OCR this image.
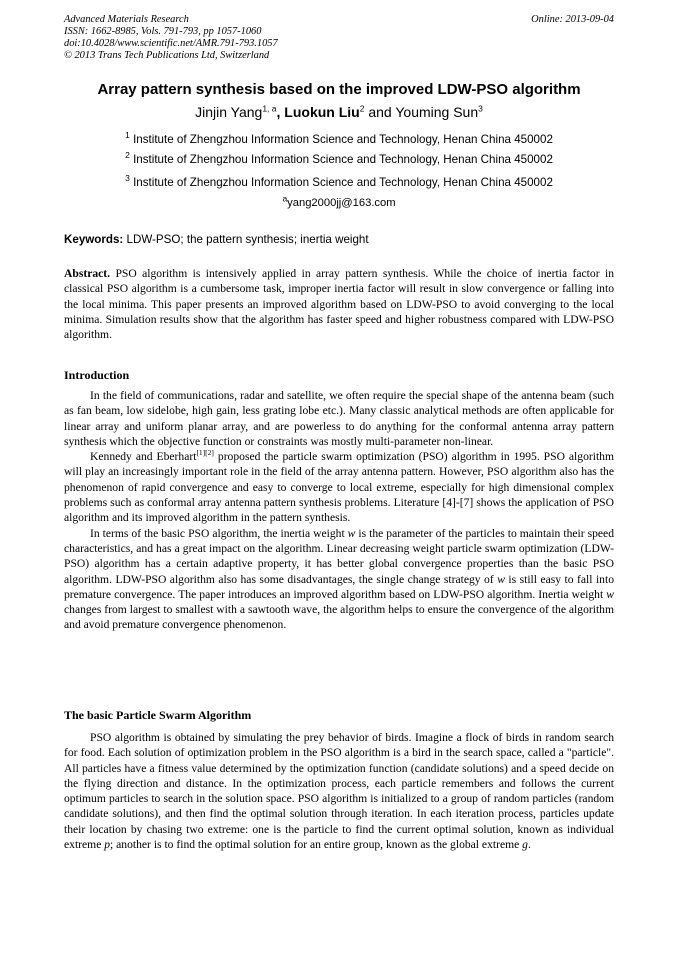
Advanced Materials Research
ISSN: 1662-8985, Vols. 791-793, pp 1057-1060
doi:10.4028/www.scientific.net/AMR.791-793.1057
© 2013 Trans Tech Publications Ltd, Switzerland
Online: 2013-09-04
Array pattern synthesis based on the improved LDW-PSO algorithm
Jinjin Yang$^{1, a}$, Luokun Liu$^2$ and Youming Sun$^3$
$^1$ Institute of Zhengzhou Information Science and Technology, Henan China 450002
$^2$ Institute of Zhengzhou Information Science and Technology, Henan China 450002
$^3$ Institute of Zhengzhou Information Science and Technology, Henan China 450002
$^a$yang2000jj@163.com
Keywords: LDW-PSO; the pattern synthesis; inertia weight

Abstract. PSO algorithm is intensively applied in array pattern synthesis. While the choice of inertia factor in classical PSO algorithm is a cumbersome task, improper inertia factor will result in slow convergence or falling into the local minima. This paper presents an improved algorithm based on LDW-PSO to avoid converging to the local minima. Simulation results show that the algorithm has faster speed and higher robustness compared with LDW-PSO algorithm.

Introduction

In the field of communications, radar and satellite, we often require the special shape of the antenna beam (such as fan beam, low sidelobe, high gain, less grating lobe etc.). Many classic analytical methods are often applicable for linear array and uniform planar array, and are powerless to do anything for the conformal antenna array pattern synthesis which the objective function or constraints was mostly multi-parameter non-linear.

Kennedy and Eberhart[1][2] proposed the particle swarm optimization (PSO) algorithm in 1995. PSO algorithm will play an increasingly important role in the field of the array antenna pattern. However, PSO algorithm also has the phenomenon of rapid convergence and easy to converge to local extreme, especially for high dimensional complex problems such as conformal array antenna pattern synthesis problems. Literature [4]-[7] shows the application of PSO algorithm and its improved algorithm in the pattern synthesis.

In terms of the basic PSO algorithm, the inertia weight w is the parameter of the particles to maintain their speed characteristics, and has a great impact on the algorithm. Linear decreasing weight particle swarm optimization (LDW-PSO) algorithm has a certain adaptive property, it has better global convergence properties than the basic PSO algorithm. LDW-PSO algorithm also has some disadvantages, the single change strategy of w is still easy to fall into premature convergence. The paper introduces an improved algorithm based on LDW-PSO algorithm. Inertia weight w changes from largest to smallest with a sawtooth wave, the algorithm helps to ensure the convergence of the algorithm and avoid premature convergence phenomenon.

The basic Particle Swarm Algorithm

PSO algorithm is obtained by simulating the prey behavior of birds. Imagine a flock of birds in random search for food. Each solution of optimization problem in the PSO algorithm is a bird in the search space, called a "particle". All particles have a fitness value determined by the optimization function (candidate solutions) and a speed decide on the flying direction and distance. In the optimization process, each particle remembers and follows the current optimum particles to search in the solution space. PSO algorithm is initialized to a group of random particles (random candidate solutions), and then find the optimal solution through iteration. In each iteration process, particles update their location by chasing two extreme: one is the particle to find the current optimal solution, known as individual extreme p; another is to find the optimal solution for an entire group, known as the global extreme g.
